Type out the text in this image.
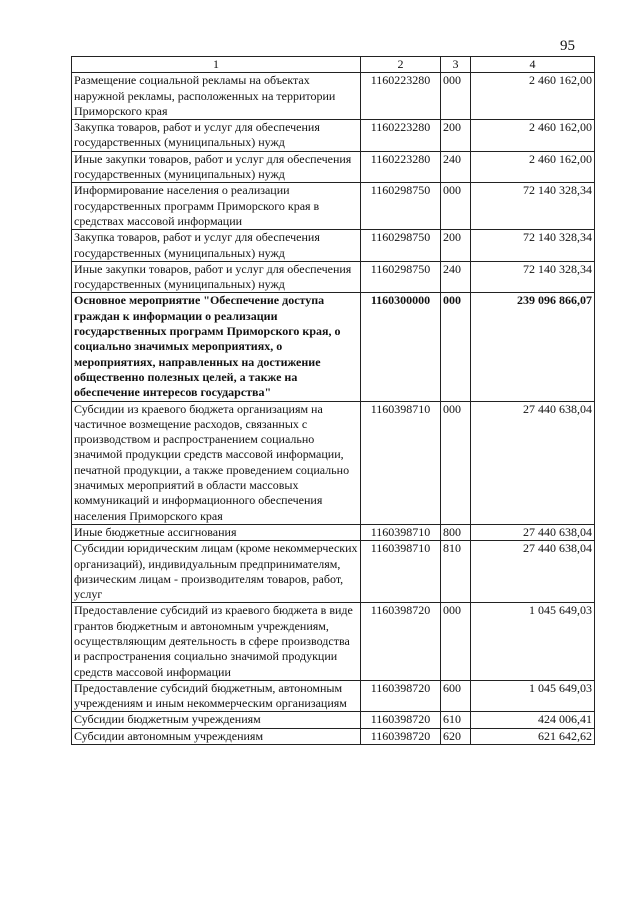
95
1	2	3	4
Размещение социальной рекламы на объектах наружной рекламы, расположенных на территории Приморского края	1160223280	000	2 460 162,00
Закупка товаров, работ и услуг для обеспечения государственных (муниципальных) нужд	1160223280	200	2 460 162,00
Иные закупки товаров, работ и услуг для обеспечения государственных (муниципальных) нужд	1160223280	240	2 460 162,00
Информирование населения о реализации государственных программ Приморского края в средствах массовой информации	1160298750	000	72 140 328,34
Закупка товаров, работ и услуг для обеспечения государственных (муниципальных) нужд	1160298750	200	72 140 328,34
Иные закупки товаров, работ и услуг для обеспечения государственных (муниципальных) нужд	1160298750	240	72 140 328,34
Основное мероприятие "Обеспечение доступа граждан к информации о реализации государственных программ Приморского края, о социально значимых мероприятиях, о мероприятиях, направленных на достижение общественно полезных целей, а также на обеспечение интересов государства"	1160300000	000	239 096 866,07
Субсидии из краевого бюджета организациям на частичное возмещение расходов, связанных с производством и распространением социально значимой продукции средств массовой информации, печатной продукции, а также проведением социально значимых мероприятий в области массовых коммуникаций и информационного обеспечения населения Приморского края	1160398710	000	27 440 638,04
Иные бюджетные ассигнования	1160398710	800	27 440 638,04
Субсидии юридическим лицам (кроме некоммерческих организаций), индивидуальным предпринимателям, физическим лицам - производителям товаров, работ, услуг	1160398710	810	27 440 638,04
Предоставление субсидий из краевого бюджета в виде грантов бюджетным и автономным учреждениям, осуществляющим деятельность в сфере производства и распространения социально значимой продукции средств массовой информации	1160398720	000	1 045 649,03
Предоставление субсидий бюджетным, автономным учреждениям и иным некоммерческим организациям	1160398720	600	1 045 649,03
Субсидии бюджетным учреждениям	1160398720	610	424 006,41
Субсидии автономным учреждениям	1160398720	620	621 642,62
